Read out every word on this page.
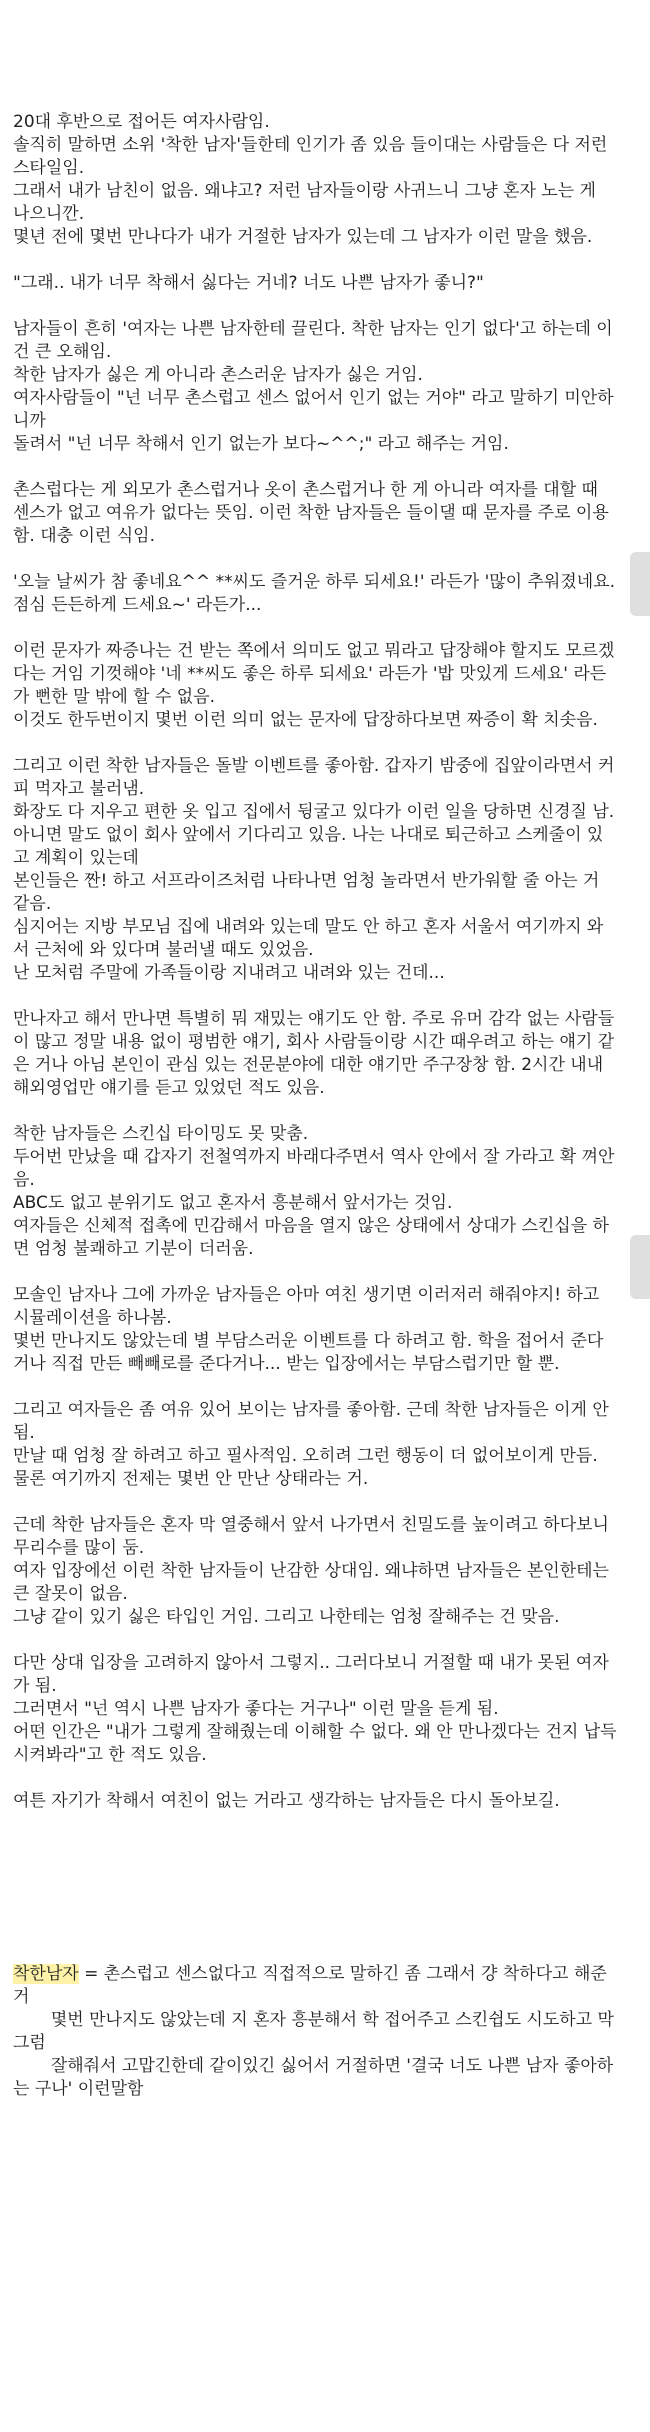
20대 후반으로 접어든 여자사람임.

솔직히 말하면 소위 '착한 남자'들한테 인기가 좀 있음 들이대는 사람들은 다 저런 스타일임.

그래서 내가 남친이 없음. 왜냐고? 저런 남자들이랑 사귀느니 그냥 혼자 노는 게 나으니깐.

몇년 전에 몇번 만나다가 내가 거절한 남자가 있는데 그 남자가 이런 말을 했음.

"그래.. 내가 너무 착해서 싫다는 거네? 너도 나쁜 남자가 좋니?"

남자들이 흔히 '여자는 나쁜 남자한테 끌린다. 착한 남자는 인기 없다'고 하는데 이건 큰 오해임.

착한 남자가 싫은 게 아니라 촌스러운 남자가 싫은 거임.

여자사람들이 "넌 너무 촌스럽고 센스 없어서 인기 없는 거야" 라고 말하기 미안하니까

돌려서 "넌 너무 착해서 인기 없는가 보다~^^;" 라고 해주는 거임.

촌스럽다는 게 외모가 촌스럽거나 옷이 촌스럽거나 한 게 아니라 여자를 대할 때 센스가 없고 여유가 없다는 뜻임. 이런 착한 남자들은 들이댈 때 문자를 주로 이용함. 대충 이런 식임.

'오늘 날씨가 참 좋네요^^ **씨도 즐거운 하루 되세요!' 라든가 '많이 추워졌네요.점심 든든하게 드세요~' 라든가...

이런 문자가 짜증나는 건 받는 쪽에서 의미도 없고 뭐라고 답장해야 할지도 모르겠다는 거임 기껏해야 '네 **씨도 좋은 하루 되세요' 라든가 '밥 맛있게 드세요' 라든가 뻔한 말 밖에 할 수 없음.

이것도 한두번이지 몇번 이런 의미 없는 문자에 답장하다보면 짜증이 확 치솟음.

그리고 이런 착한 남자들은 돌발 이벤트를 좋아함. 갑자기 밤중에 집앞이라면서 커피 먹자고 불러냄.

화장도 다 지우고 편한 옷 입고 집에서 뒹굴고 있다가 이런 일을 당하면 신경질 남.

아니면 말도 없이 회사 앞에서 기다리고 있음. 나는 나대로 퇴근하고 스케줄이 있고 계획이 있는데

본인들은 짠! 하고 서프라이즈처럼 나타나면 엄청 놀라면서 반가워할 줄 아는 거 같음.

심지어는 지방 부모님 집에 내려와 있는데 말도 안 하고 혼자 서울서 여기까지 와서 근처에 와 있다며 불러낼 때도 있었음.

난 모처럼 주말에 가족들이랑 지내려고 내려와 있는 건데...

만나자고 해서 만나면 특별히 뭐 재밌는 얘기도 안 함. 주로 유머 감각 없는 사람들이 많고 정말 내용 없이 평범한 얘기, 회사 사람들이랑 시간 때우려고 하는 얘기 같은 거나 아님 본인이 관심 있는 전문분야에 대한 얘기만 주구장창 함. 2시간 내내 해외영업만 얘기를 듣고 있었던 적도 있음.

착한 남자들은 스킨십 타이밍도 못 맞춤.

두어번 만났을 때 갑자기 전철역까지 바래다주면서 역사 안에서 잘 가라고 확 껴안음.

ABC도 없고 분위기도 없고 혼자서 흥분해서 앞서가는 것임.

여자들은 신체적 접촉에 민감해서 마음을 열지 않은 상태에서 상대가 스킨십을 하면 엄청 불쾌하고 기분이 더러움.

모솔인 남자나 그에 가까운 남자들은 아마 여친 생기면 이러저러 해줘야지! 하고 시뮬레이션을 하나봄.

몇번 만나지도 않았는데 별 부담스러운 이벤트를 다 하려고 함. 학을 접어서 준다거나 직접 만든 빼빼로를 준다거나... 받는 입장에서는 부담스럽기만 할 뿐.

그리고 여자들은 좀 여유 있어 보이는 남자를 좋아함. 근데 착한 남자들은 이게 안됨.

만날 때 엄청 잘 하려고 하고 필사적임. 오히려 그런 행동이 더 없어보이게 만듬.

물론 여기까지 전제는 몇번 안 만난 상태라는 거.

근데 착한 남자들은 혼자 막 열중해서 앞서 나가면서 친밀도를 높이려고 하다보니 무리수를 많이 둠.

여자 입장에선 이런 착한 남자들이 난감한 상대임. 왜냐하면 남자들은 본인한테는 큰 잘못이 없음.

그냥 같이 있기 싫은 타입인 거임. 그리고 나한테는 엄청 잘해주는 건 맞음.

다만 상대 입장을 고려하지 않아서 그렇지.. 그러다보니 거절할 때 내가 못된 여자가 됨.

그러면서 "넌 역시 나쁜 남자가 좋다는 거구나" 이런 말을 듣게 됨.

어떤 인간은 "내가 그렇게 잘해줬는데 이해할 수 없다. 왜 안 만나겠다는 건지 납득시켜봐라"고 한 적도 있음.

여튼 자기가 착해서 여친이 없는 거라고 생각하는 남자들은 다시 돌아보길.

착한남자 = 촌스럽고 센스없다고 직접적으로 말하긴 좀 그래서 걍 착하다고 해준거

몇번 만나지도 않았는데 지 혼자 흥분해서 학 접어주고 스킨쉽도 시도하고 막 그럼

잘해줘서 고맙긴한데 같이있긴 싫어서 거절하면 '결국 너도 나쁜 남자 좋아하는 구나' 이런말함
